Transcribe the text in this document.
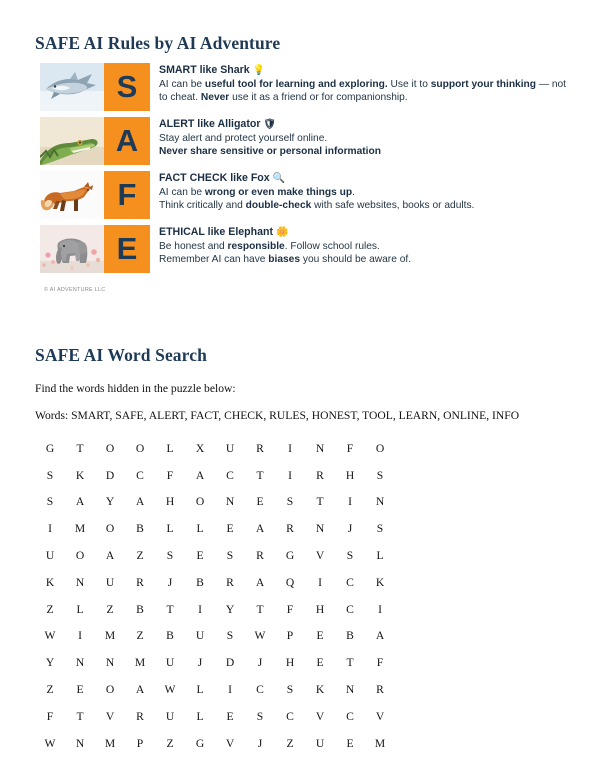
SAFE AI Rules by AI Adventure
S	SMART like Shark 💡
AI can be useful tool for learning and exploring. Use it to support your thinking — not to cheat. Never use it as a friend or for companionship.
A	ALERT like Alligator 🛡
Stay alert and protect yourself online.
Never share sensitive or personal information
F	FACT CHECK like Fox 🔍
AI can be wrong or even make things up.
Think critically and double-check with safe websites, books or adults.
E	ETHICAL like Elephant 🌼
Be honest and responsible. Follow school rules.
Remember AI can have biases you should be aware of.
© AI ADVENTURE LLC
SAFE AI Word Search
Find the words hidden in the puzzle below:
Words: SMART, SAFE, ALERT, FACT, CHECK, RULES, HONEST, TOOL, LEARN, ONLINE, INFO
G	T	O	O	L	X	U	R	I	N	F	O
S	K	D	C	F	A	C	T	I	R	H	S
S	A	Y	A	H	O	N	E	S	T	I	N
I	M	O	B	L	L	E	A	R	N	J	S
U	O	A	Z	S	E	S	R	G	V	S	L
K	N	U	R	J	B	R	A	Q	I	C	K
Z	L	Z	B	T	I	Y	T	F	H	C	I
W	I	M	Z	B	U	S	W	P	E	B	A
Y	N	N	M	U	J	D	J	H	E	T	F
Z	E	O	A	W	L	I	C	S	K	N	R
F	T	V	R	U	L	E	S	C	V	C	V
W	N	M	P	Z	G	V	J	Z	U	E	M
